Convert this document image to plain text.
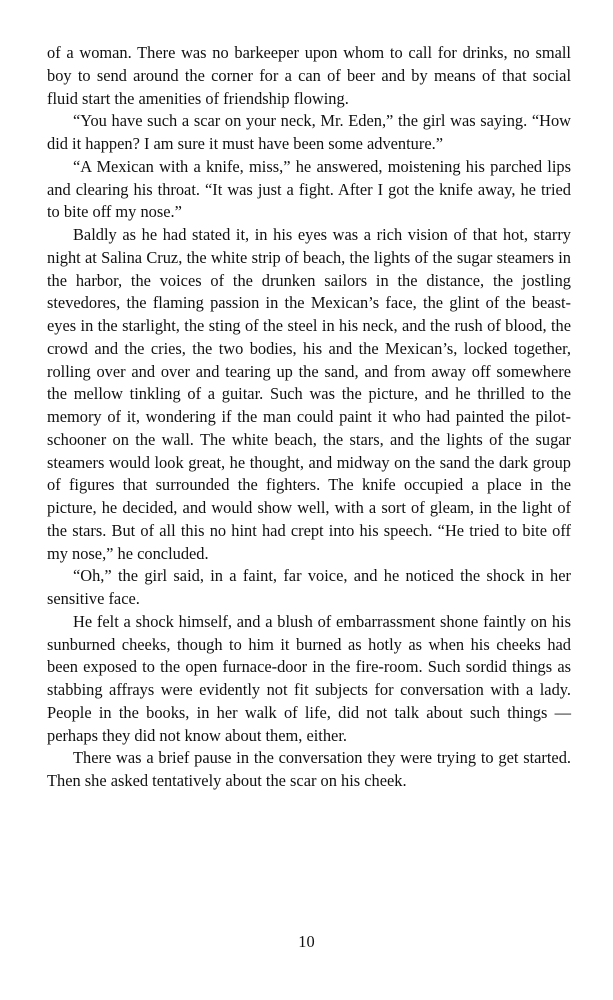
of a woman. There was no barkeeper upon whom to call for drinks, no small boy to send around the corner for a can of beer and by means of that social fluid start the amenities of friendship flowing.

“You have such a scar on your neck, Mr. Eden,” the girl was saying. “How did it happen? I am sure it must have been some adventure.”

“A Mexican with a knife, miss,” he answered, moistening his parched lips and clearing his throat. “It was just a fight. After I got the knife away, he tried to bite off my nose.”

Baldly as he had stated it, in his eyes was a rich vision of that hot, starry night at Salina Cruz, the white strip of beach, the lights of the sugar steamers in the harbor, the voices of the drunken sailors in the distance, the jostling stevedores, the flaming passion in the Mexican’s face, the glint of the beast-eyes in the starlight, the sting of the steel in his neck, and the rush of blood, the crowd and the cries, the two bodies, his and the Mexican’s, locked together, rolling over and over and tearing up the sand, and from away off somewhere the mellow tinkling of a guitar. Such was the picture, and he thrilled to the memory of it, wondering if the man could paint it who had painted the pilot-schooner on the wall. The white beach, the stars, and the lights of the sugar steamers would look great, he thought, and midway on the sand the dark group of figures that surrounded the fighters. The knife occupied a place in the picture, he decided, and would show well, with a sort of gleam, in the light of the stars. But of all this no hint had crept into his speech. “He tried to bite off my nose,” he concluded.

“Oh,” the girl said, in a faint, far voice, and he noticed the shock in her sensitive face.

He felt a shock himself, and a blush of embarrassment shone faintly on his sunburned cheeks, though to him it burned as hotly as when his cheeks had been exposed to the open furnace-door in the fire-room. Such sordid things as stabbing affrays were evidently not fit subjects for conversation with a lady. People in the books, in her walk of life, did not talk about such things — perhaps they did not know about them, either.

There was a brief pause in the conversation they were trying to get started. Then she asked tentatively about the scar on his cheek.

10
